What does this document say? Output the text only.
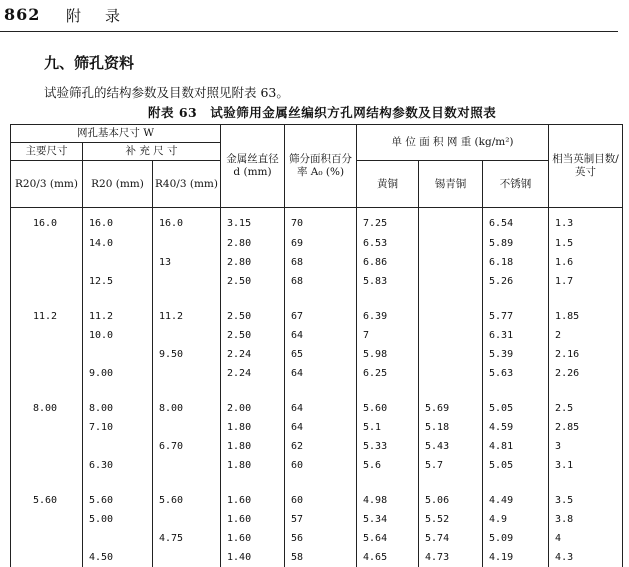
862 附录
九、筛孔资料
试验筛孔的结构参数及目数对照见附表 63。
附表 63　试验筛用金属丝编织方孔网结构参数及目数对照表
网孔基本尺寸 W			金属丝直径 d (mm)	筛分面积百分率 A₀ (%)	单 位 面 积 网 重 (kg/m²)			相当英制目数/英寸
主要尺寸	补 充 尺 寸							
R20/3 (mm)	R20 (mm)	R40/3 (mm)			黄铜	锡青铜	不锈钢	
16.0	16.0	16.0	3.15	70	7.25		6.54	1.3
	14.0		2.80	69	6.53		5.89	1.5
		13	2.80	68	6.86		6.18	1.6
	12.5		2.50	68	5.83		5.26	1.7

11.2	11.2	11.2	2.50	67	6.39		5.77	1.85
	10.0		2.50	64	7		6.31	2
		9.50	2.24	65	5.98		5.39	2.16
	9.00		2.24	64	6.25		5.63	2.26

8.00	8.00	8.00	2.00	64	5.60	5.69	5.05	2.5
	7.10		1.80	64	5.1	5.18	4.59	2.85
		6.70	1.80	62	5.33	5.43	4.81	3
	6.30		1.80	60	5.6	5.7	5.05	3.1

5.60	5.60	5.60	1.60	60	4.98	5.06	4.49	3.5
	5.00		1.60	57	5.34	5.52	4.9	3.8
		4.75	1.60	56	5.64	5.74	5.09	4
	4.50		1.40	58	4.65	4.73	4.19	4.3
